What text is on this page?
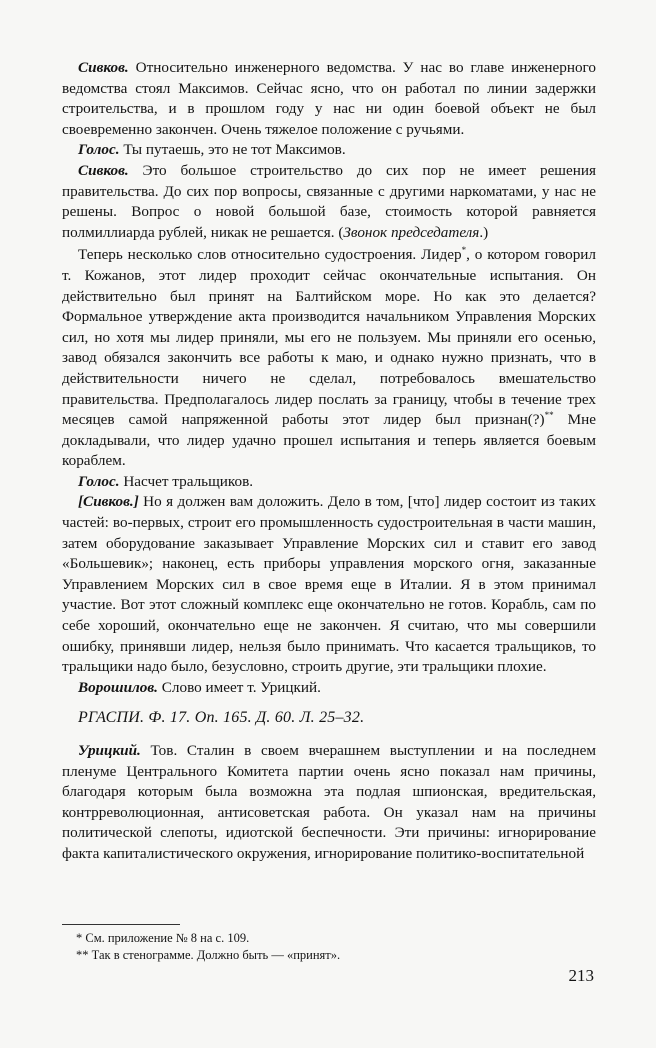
Сивков. Относительно инженерного ведомства. У нас во главе инженерного ведомства стоял Максимов. Сейчас ясно, что он работал по линии задержки строительства, и в прошлом году у нас ни один боевой объект не был своевременно закончен. Очень тяжелое положение с ручьями.

Голос. Ты путаешь, это не тот Максимов.

Сивков. Это большое строительство до сих пор не имеет решения правительства. До сих пор вопросы, связанные с другими наркоматами, у нас не решены. Вопрос о новой большой базе, стоимость которой равняется полмиллиарда рублей, никак не решается. (Звонок председателя.)

Теперь несколько слов относительно судостроения. Лидер*, о котором говорил т. Кожанов, этот лидер проходит сейчас окончательные испытания. Он действительно был принят на Балтийском море. Но как это делается? Формальное утверждение акта производится начальником Управления Морских сил, но хотя мы лидер приняли, мы его не пользуем. Мы приняли его осенью, завод обязался закончить все работы к маю, и однако нужно признать, что в действительности ничего не сделал, потребовалось вмешательство правительства. Предполагалось лидер послать за границу, чтобы в течение трех месяцев самой напряженной работы этот лидер был признан(?)** Мне докладывали, что лидер удачно прошел испытания и теперь является боевым кораблем.

Голос. Насчет тральщиков.

[Сивков.] Но я должен вам доложить. Дело в том, [что] лидер состоит из таких частей: во-первых, строит его промышленность судостроительная в части машин, затем оборудование заказывает Управление Морских сил и ставит его завод «Большевик»; наконец, есть приборы управления морского огня, заказанные Управлением Морских сил в свое время еще в Италии. Я в этом принимал участие. Вот этот сложный комплекс еще окончательно не готов. Корабль, сам по себе хороший, окончательно еще не закончен. Я считаю, что мы совершили ошибку, принявши лидер, нельзя было принимать. Что касается тральщиков, то тральщики надо было, безусловно, строить другие, эти тральщики плохие.

Ворошилов. Слово имеет т. Урицкий.

РГАСПИ. Ф. 17. Оп. 165. Д. 60. Л. 25–32.

Урицкий. Тов. Сталин в своем вчерашнем выступлении и на последнем пленуме Центрального Комитета партии очень ясно показал нам причины, благодаря которым была возможна эта подлая шпионская, вредительская, контрреволюционная, антисоветская работа. Он указал нам на причины политической слепоты, идиотской беспечности. Эти причины: игнорирование факта капиталистического окружения, игнорирование политико-воспитательной

* См. приложение № 8 на с. 109.
** Так в стенограмме. Должно быть — «принят».
213
